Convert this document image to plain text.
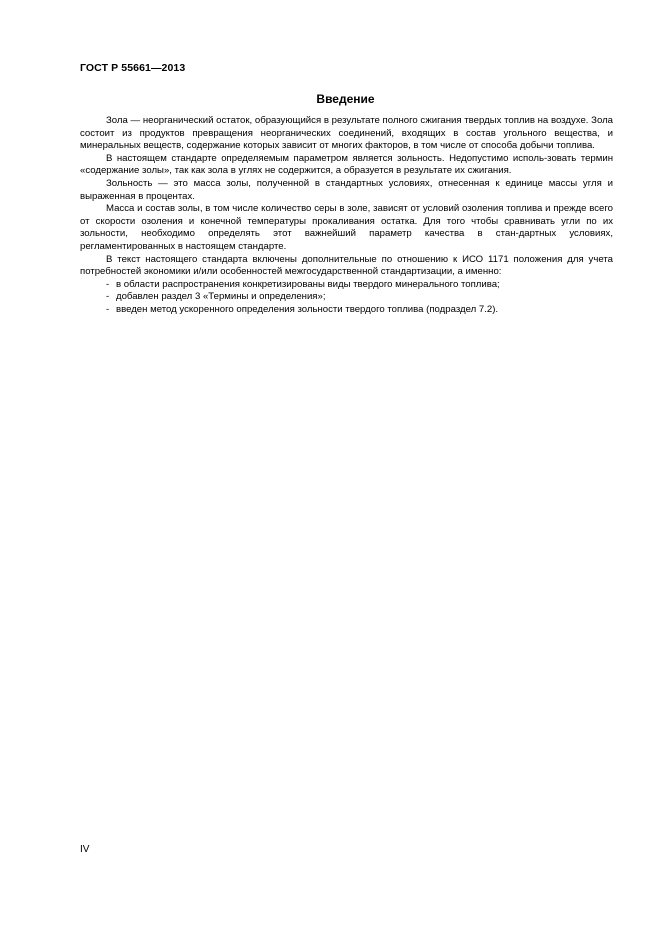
ГОСТ Р 55661—2013
Введение

Зола — неорганический остаток, образующийся в результате полного сжигания твердых топлив на воздухе. Зола состоит из продуктов превращения неорганических соединений, входящих в состав угольного вещества, и минеральных веществ, содержание которых зависит от многих факторов, в том числе от способа добычи топлива.

В настоящем стандарте определяемым параметром является зольность. Недопустимо исполь-зовать термин «содержание золы», так как зола в углях не содержится, а образуется в результате их сжигания.

Зольность — это масса золы, полученной в стандартных условиях, отнесенная к единице массы угля и выраженная в процентах.

Масса и состав золы, в том числе количество серы в золе, зависят от условий озоления топлива и прежде всего от скорости озоления и конечной температуры прокаливания остатка. Для того чтобы сравнивать угли по их зольности, необходимо определять этот важнейший параметр качества в стан-дартных условиях, регламентированных в настоящем стандарте.

В текст настоящего стандарта включены дополнительные по отношению к ИСО 1171 положения для учета потребностей экономики и/или особенностей межгосударственной стандартизации, а именно:

- в области распространения конкретизированы виды твердого минерального топлива;
- добавлен раздел 3 «Термины и определения»;
- введен метод ускоренного определения зольности твердого топлива (подраздел 7.2).
IV
